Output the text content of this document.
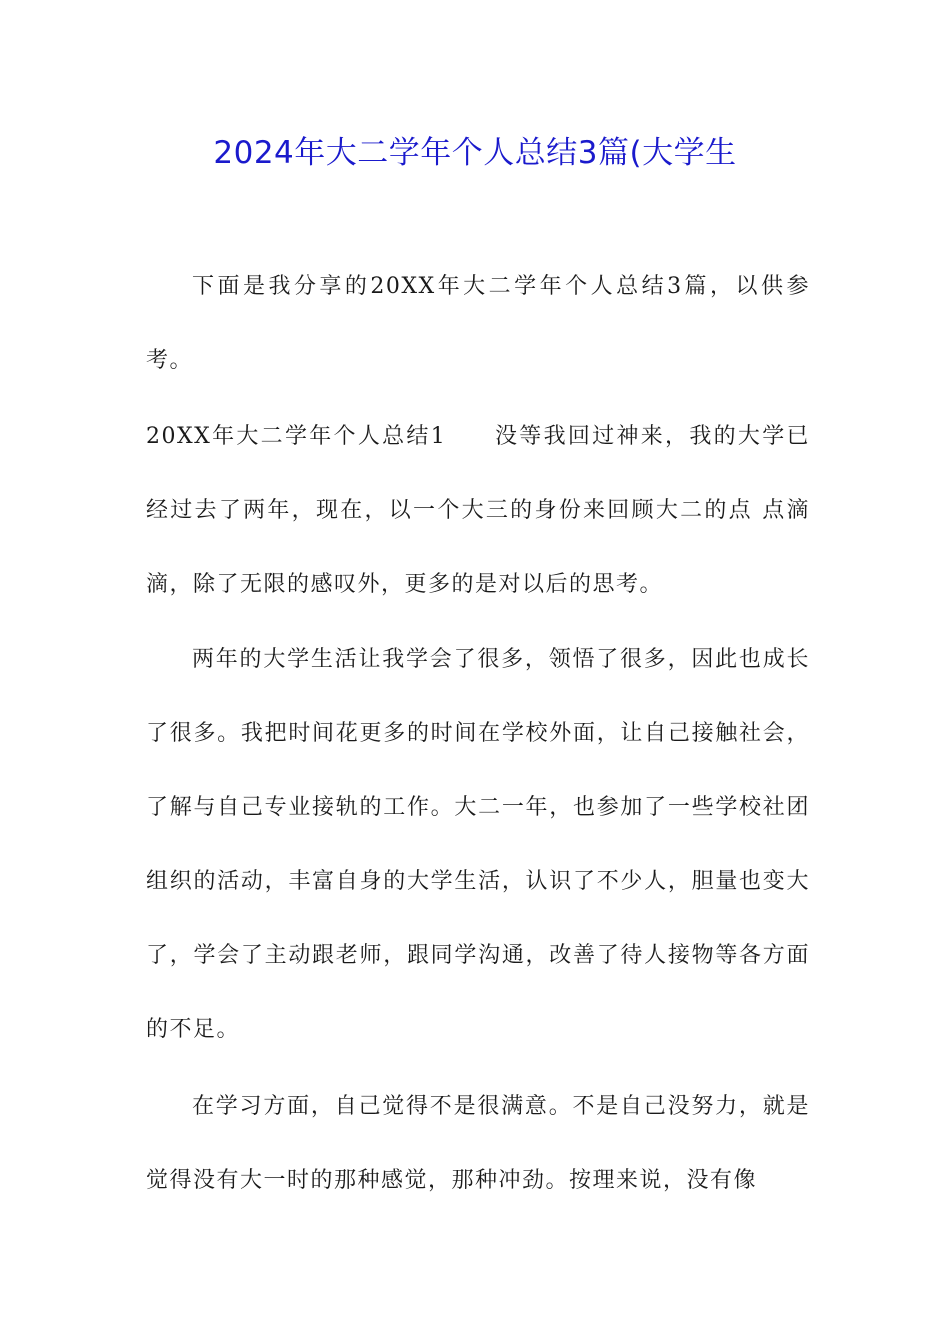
2024年大二学年个人总结3篇(大学生

下面是我分享的20XX年大二学年个人总结3篇，以供参考。

20XX年大二学年个人总结1 没等我回过神来，我的大学已经过去了两年，现在，以一个大三的身份来回顾大二的点 点滴滴，除了无限的感叹外，更多的是对以后的思考。

两年的大学生活让我学会了很多，领悟了很多，因此也成长了很多。我把时间花更多的时间在学校外面，让自己接触社会，了解与自己专业接轨的工作。大二一年，也参加了一些学校社团组织的活动，丰富自身的大学生活，认识了不少人，胆量也变大了，学会了主动跟老师，跟同学沟通，改善了待人接物等各方面的不足。

在学习方面，自己觉得不是很满意。不是自己没努力，就是觉得没有大一时的那种感觉，那种冲劲。按理来说，没有像
